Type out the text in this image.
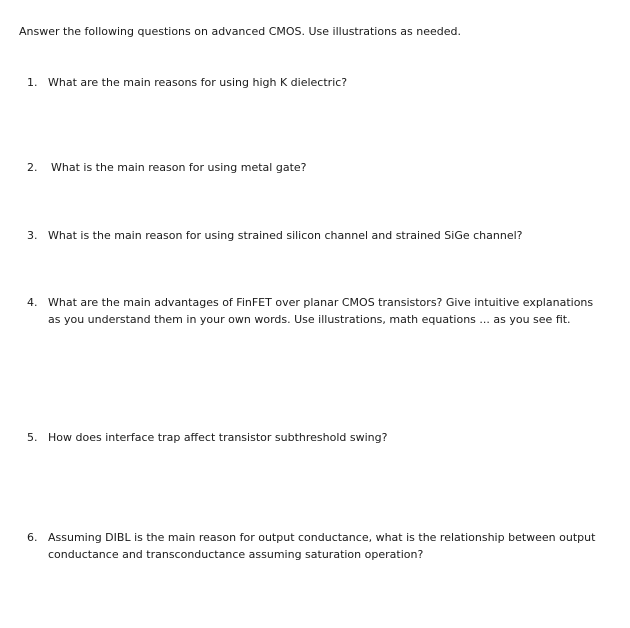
Answer the following questions on advanced CMOS. Use illustrations as needed.
1. What are the main reasons for using high K dielectric?
2.	What is the main reason for using metal gate?
3. What is the main reason for using strained silicon channel and strained SiGe channel?
4. What are the main advantages of FinFET over planar CMOS transistors? Give intuitive explanations as you understand them in your own words. Use illustrations, math equations ... as you see fit.
5. How does interface trap affect transistor subthreshold swing?
6. Assuming DIBL is the main reason for output conductance, what is the relationship between output conductance and transconductance assuming saturation operation?
